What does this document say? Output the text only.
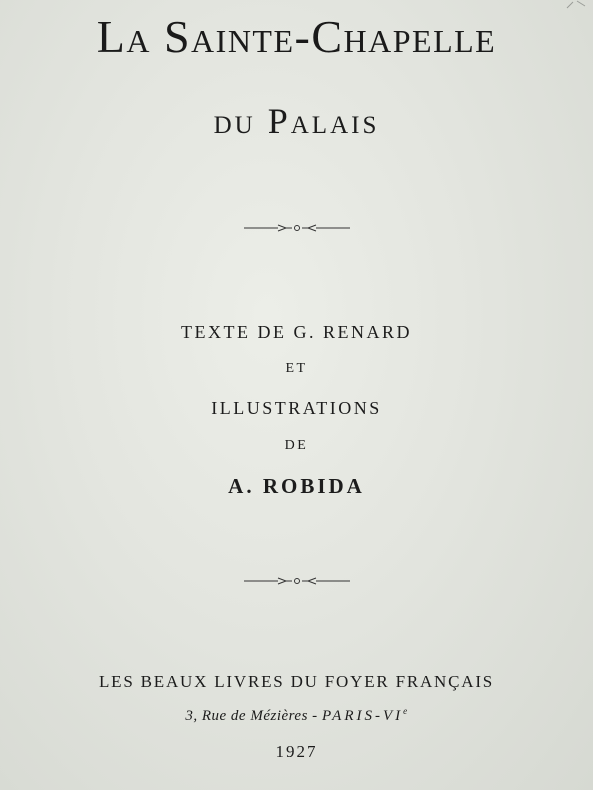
La Sainte-Chapelle
du Palais
TEXTE DE G. RENARD
ET
ILLUSTRATIONS
DE
A. ROBIDA
LES BEAUX LIVRES DU FOYER FRANÇAIS
3, Rue de Mézières - PARIS-VIe
1927
